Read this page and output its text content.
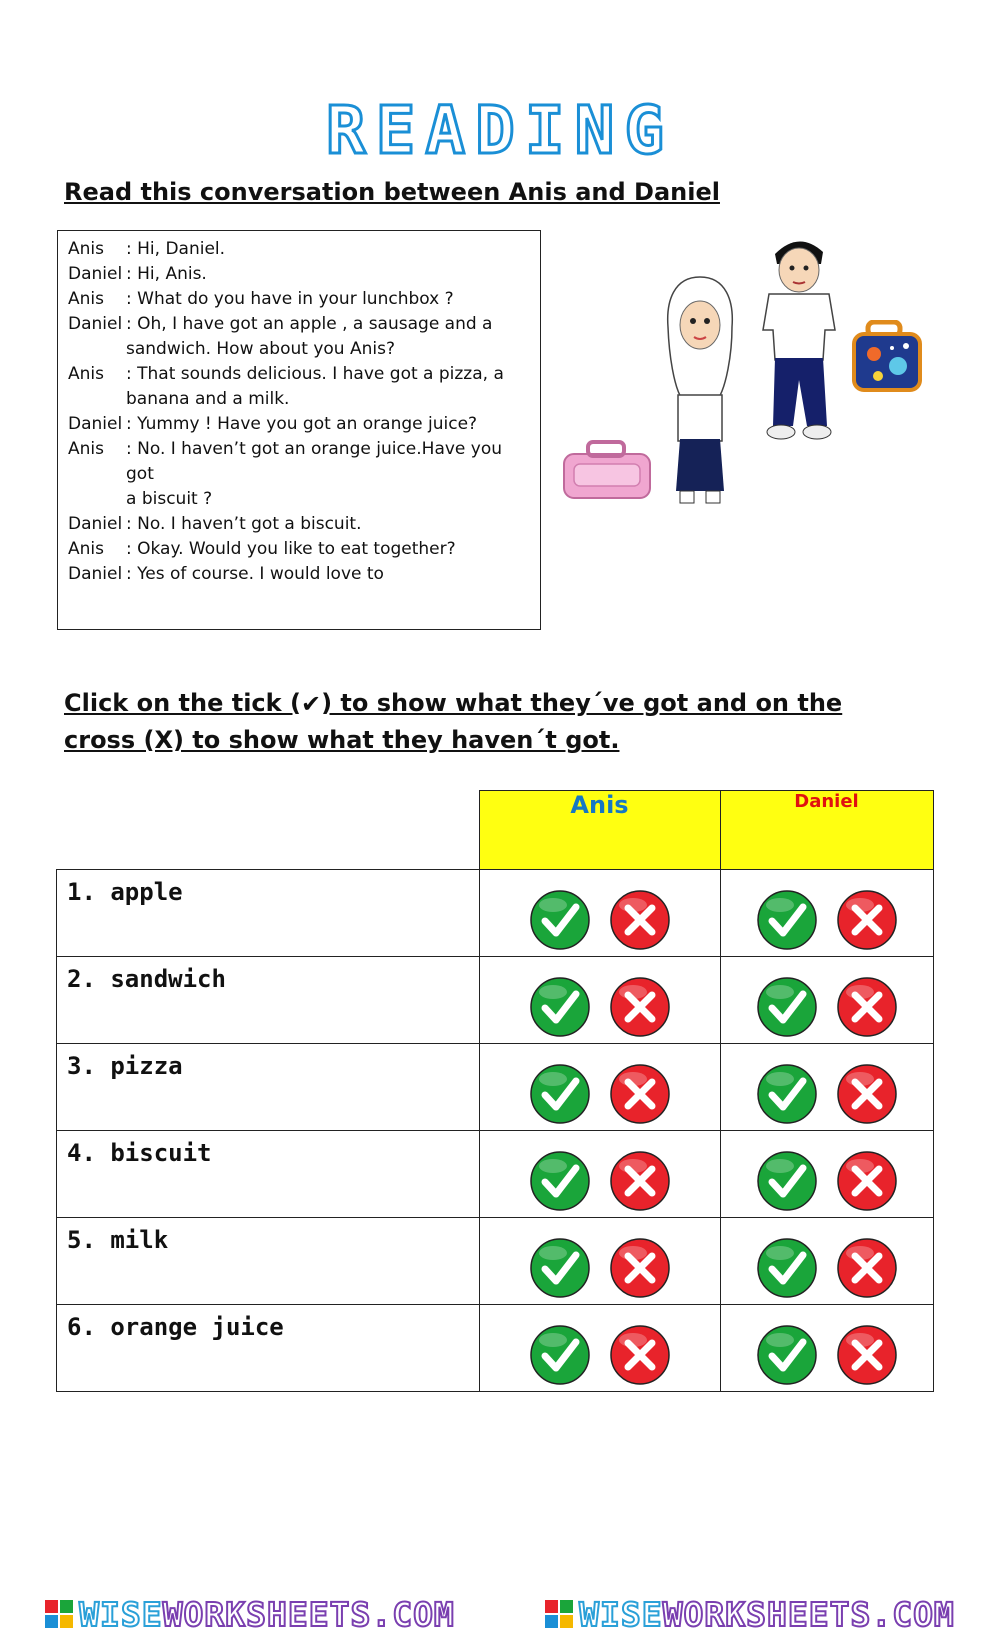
READING
Read this conversation between Anis and Daniel
Anis	: Hi, Daniel.
Daniel : Hi, Anis.
Anis	: What do you have in your lunchbox ?
Daniel : Oh, I have got an apple , a sausage and a
sandwich. How about you Anis?
Anis	: That sounds delicious. I have got a pizza, a
banana and a milk.
Daniel : Yummy ! Have you got an orange juice?
Anis	: No. I haven’t got an orange juice.Have you got
a biscuit ?
Daniel : No. I haven’t got a biscuit.
Anis	: Okay. Would you like to eat together?
Daniel : Yes of course. I would love to

Click on the tick (✔) to show what they´ve got and on the cross (X) to show what they haven´t got.

	Anis	Daniel
1. apple	

2. sandwich	

3. pizza	

4. biscuit	

5. milk	

6. orange juice	

WISE WORKSHEETS.COM	WISE WORKSHEETS.COM
